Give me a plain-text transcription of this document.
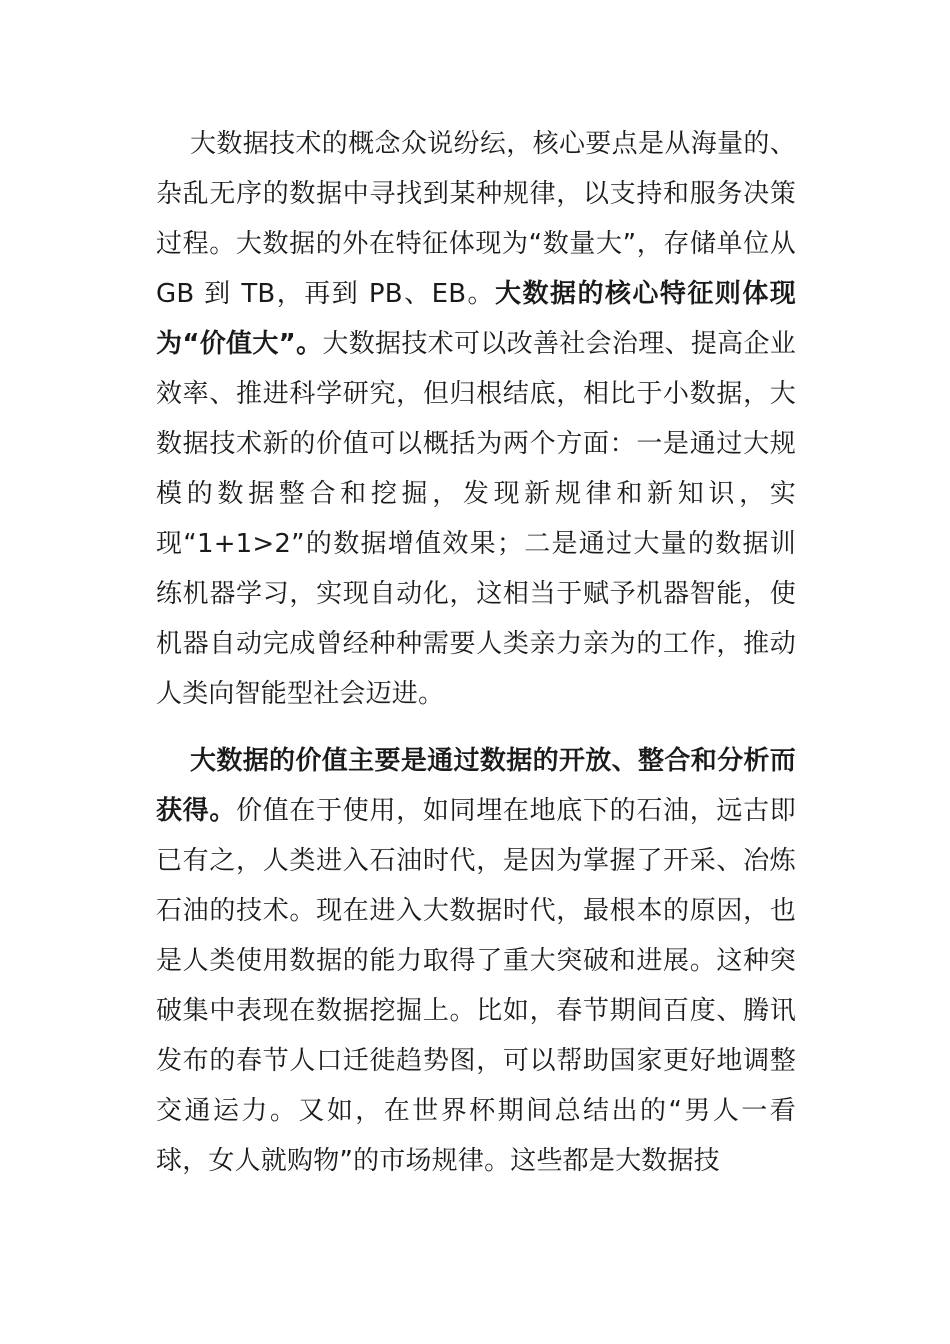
大数据技术的概念众说纷纭，核心要点是从海量的、杂乱无序的数据中寻找到某种规律，以支持和服务决策过程。大数据的外在特征体现为“数量大”，存储单位从 GB 到 TB，再到 PB、EB。大数据的核心特征则体现为“价值大”。大数据技术可以改善社会治理、提高企业效率、推进科学研究，但归根结底，相比于小数据，大数据技术新的价值可以概括为两个方面：一是通过大规模的数据整合和挖掘，发现新规律和新知识，实现“1+1>2”的数据增值效果；二是通过大量的数据训练机器学习，实现自动化，这相当于赋予机器智能，使机器自动完成曾经种种需要人类亲力亲为的工作，推动人类向智能型社会迈进。

大数据的价值主要是通过数据的开放、整合和分析而获得。价值在于使用，如同埋在地底下的石油，远古即已有之，人类进入石油时代，是因为掌握了开采、冶炼石油的技术。现在进入大数据时代，最根本的原因，也是人类使用数据的能力取得了重大突破和进展。这种突破集中表现在数据挖掘上。比如，春节期间百度、腾讯发布的春节人口迁徙趋势图，可以帮助国家更好地调整交通运力。又如，在世界杯期间总结出的“男人一看球，女人就购物”的市场规律。这些都是大数据技
